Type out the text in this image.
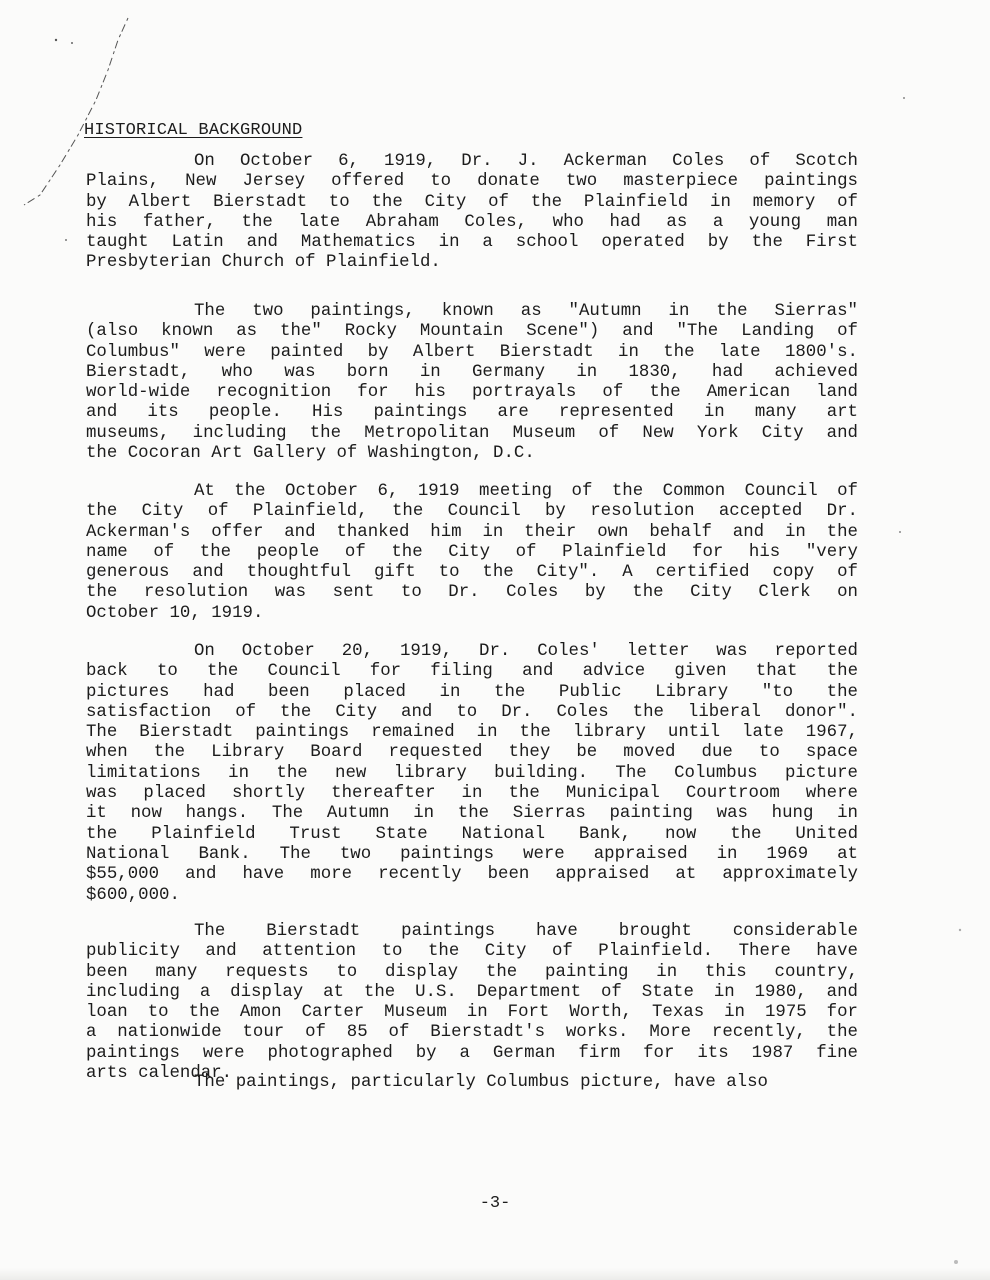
HISTORICAL BACKGROUND
On October 6, 1919, Dr. J. Ackerman Coles of Scotch
Plains, New Jersey offered to donate two masterpiece paintings
by Albert Bierstadt to the City of the Plainfield in memory of
his father, the late Abraham Coles, who had as a young man
taught Latin and Mathematics in a school operated by the First
Presbyterian Church of Plainfield.
The two paintings, known as "Autumn in the Sierras"
(also known as the" Rocky Mountain Scene") and "The Landing of
Columbus" were painted by Albert Bierstadt in the late 1800's.
Bierstadt, who was born in Germany in 1830, had achieved
world-wide recognition for his portrayals of the American land
and its people. His paintings are represented in many art
museums, including the Metropolitan Museum of New York City and
the Cocoran Art Gallery of Washington, D.C.
At the October 6, 1919 meeting of the Common Council of
the City of Plainfield, the Council by resolution accepted Dr.
Ackerman's offer and thanked him in their own behalf and in the
name of the people of the City of Plainfield for his "very
generous and thoughtful gift to the City". A certified copy of
the resolution was sent to Dr. Coles by the City Clerk on
October 10, 1919.
On October 20, 1919, Dr. Coles' letter was reported
back to the Council for filing and advice given that the
pictures had been placed in the Public Library "to the
satisfaction of the City and to Dr. Coles the liberal donor".
The Bierstadt paintings remained in the library until late 1967,
when the Library Board requested they be moved due to space
limitations in the new library building. The Columbus picture
was placed shortly thereafter in the Municipal Courtroom where
it now hangs. The Autumn in the Sierras painting was hung in
the Plainfield Trust State National Bank, now the United
National Bank. The two paintings were appraised in 1969 at
$55,000 and have more recently been appraised at approximately
$600,000.
The Bierstadt paintings have brought considerable
publicity and attention to the City of Plainfield. There have
been many requests to display the painting in this country,
including a display at the U.S. Department of State in 1980, and
loan to the Amon Carter Museum in Fort Worth, Texas in 1975 for
a nationwide tour of 85 of Bierstadt's works. More recently, the
paintings were photographed by a German firm for its 1987 fine
arts calendar.
The paintings, particularly Columbus picture, have also
-3-
